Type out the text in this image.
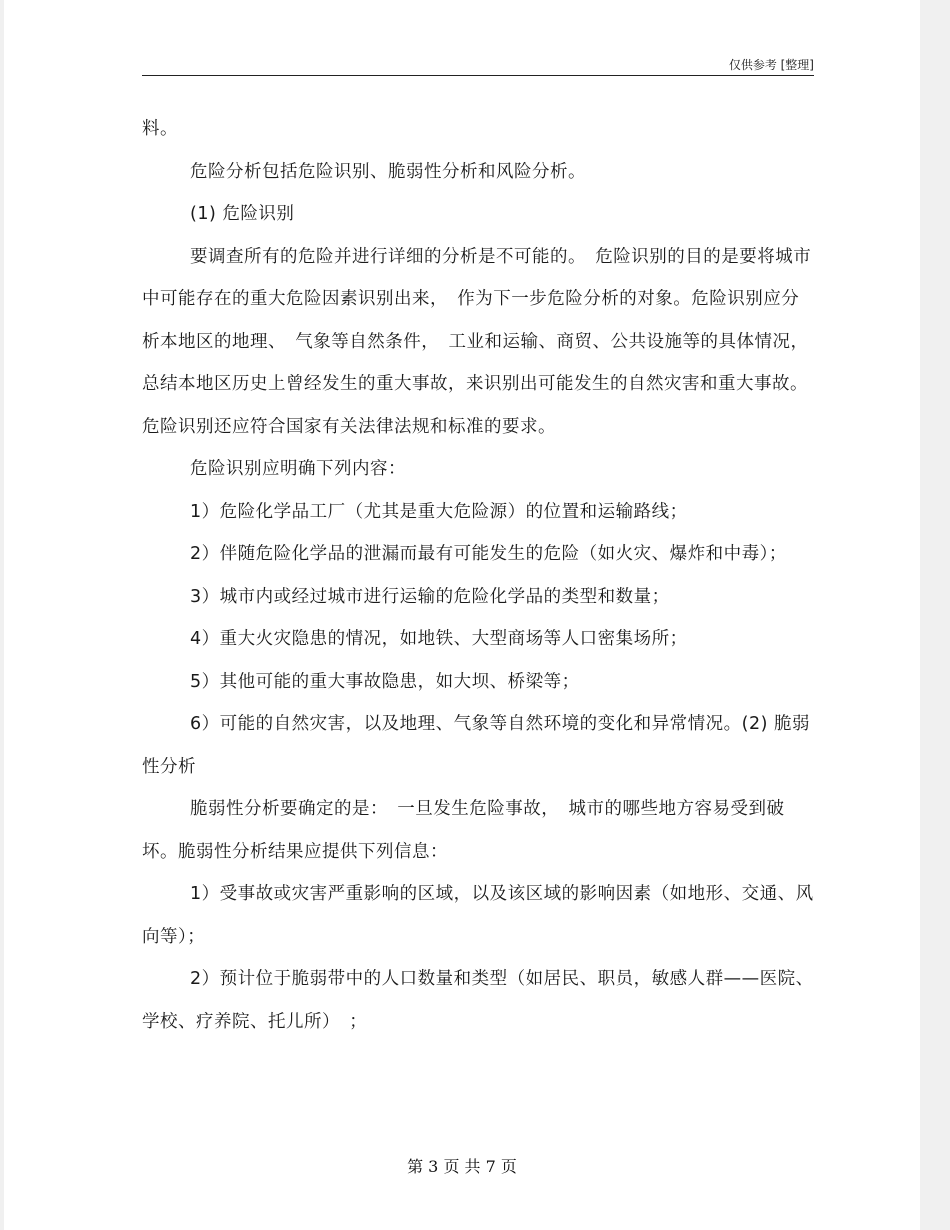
仅供参考 [整理]

料。

危险分析包括危险识别、脆弱性分析和风险分析。

(1) 危险识别

要调查所有的危险并进行详细的分析是不可能的。　危险识别的目的是要将城市中可能存在的重大危险因素识别出来，　作为下一步危险分析的对象。危险识别应分析本地区的地理、　气象等自然条件，　工业和运输、商贸、公共设施等的具体情况，　总结本地区历史上曾经发生的重大事故，来识别出可能发生的自然灾害和重大事故。　危险识别还应符合国家有关法律法规和标准的要求。

危险识别应明确下列内容：

1）危险化学品工厂（尤其是重大危险源）的位置和运输路线；

2）伴随危险化学品的泄漏而最有可能发生的危险（如火灾、爆炸和中毒）；

3）城市内或经过城市进行运输的危险化学品的类型和数量；

4）重大火灾隐患的情况，如地铁、大型商场等人口密集场所；

5）其他可能的重大事故隐患，如大坝、桥梁等；

6）可能的自然灾害，以及地理、气象等自然环境的变化和异常情况。(2) 脆弱性分析

脆弱性分析要确定的是：　一旦发生危险事故，　城市的哪些地方容易受到破坏。脆弱性分析结果应提供下列信息：

1）受事故或灾害严重影响的区域，以及该区域的影响因素（如地形、交通、风向等）；

2）预计位于脆弱带中的人口数量和类型（如居民、职员，敏感人群——医院、学校、疗养院、托儿所）　；

第 3 页 共 7 页
